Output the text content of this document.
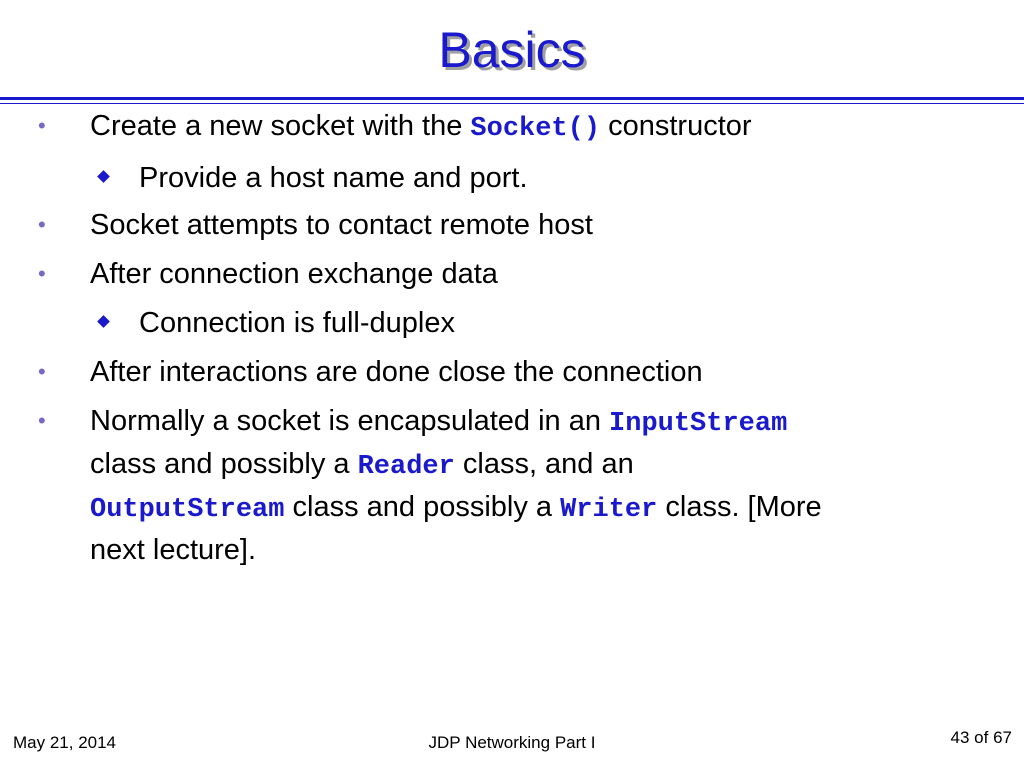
Basics
• Create a new socket with the Socket() constructor
Provide a host name and port.
• Socket attempts to contact remote host
• After connection exchange data
Connection is full-duplex
• After interactions are done close the connection
• Normally a socket is encapsulated in an InputStream
class and possibly a Reader class, and an
OutputStream class and possibly a Writer class. [More
next lecture].
May 21, 2014	JDP Networking Part I	43 of 67
